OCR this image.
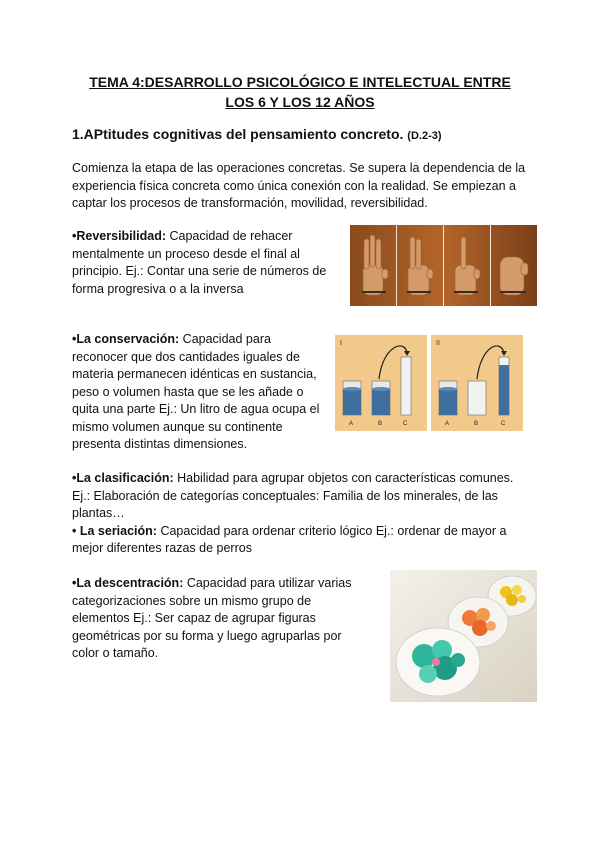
TEMA 4:DESARROLLO PSICOLÓGICO E INTELECTUAL ENTRE
LOS 6 Y LOS 12 AÑOS
1.APtitudes cognitivas del pensamiento concreto. (D.2-3)
Comienza la etapa de las operaciones concretas. Se supera la dependencia de la experiencia física concreta como única conexión con la realidad. Se empiezan a captar los procesos de transformación, movilidad, reversibilidad.
•Reversibilidad: Capacidad de rehacer mentalmente un proceso desde el final al principio. Ej.: Contar una serie de números de forma progresiva o a la inversa
•La conservación: Capacidad para reconocer que dos cantidades iguales de materia permanecen idénticas en sustancia, peso o volumen hasta que se les añade o quita una parte Ej.: Un litro de agua ocupa el mismo volumen aunque su continente presenta distintas dimensiones.
I
A	B	C
II
A	B	C
•La clasificación: Habilidad para agrupar objetos con características comunes. Ej.: Elaboración de categorías conceptuales: Familia de los minerales, de las plantas…
• La seriación: Capacidad para ordenar criterio lógico Ej.: ordenar de mayor a mejor diferentes razas de perros
•La descentración: Capacidad para utilizar varias categorizaciones sobre un mismo grupo de elementos Ej.: Ser capaz de agrupar figuras geométricas por su forma y luego agruparlas por color o tamaño.
